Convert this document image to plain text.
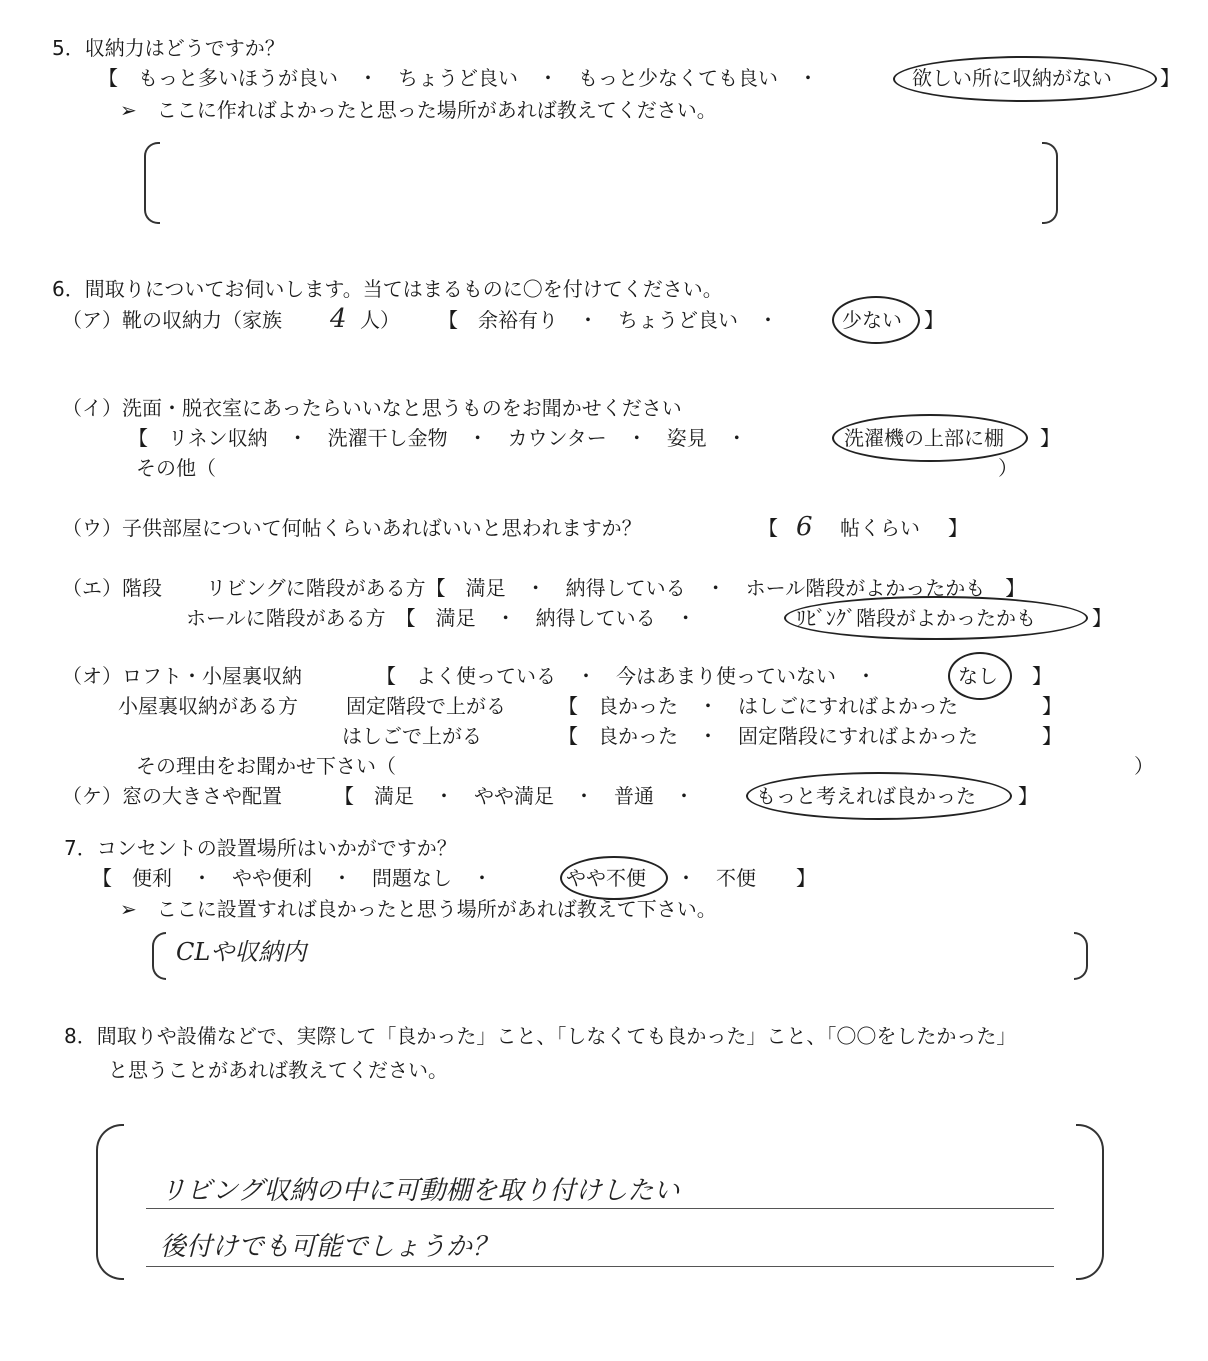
5．収納力はどうですか？
【　もっと多いほうが良い　・　ちょうど良い　・　もっと少なくても良い　・	欲しい所に収納がない 】
➢　ここに作ればよかったと思った場所があれば教えてください。
6．間取りについてお伺いします。当てはまるものに〇を付けてください。
（ア）靴の収納力（家族 4 人） 【　余裕有り　・　ちょうど良い　・	少ない 】
（イ）洗面・脱衣室にあったらいいなと思うものをお聞かせください
【　リネン収納　・　洗濯干し金物　・　カウンター　・　姿見　・	洗濯機の上部に棚 】
その他（	）
（ウ）子供部屋について何帖くらいあればいいと思われますか？	【 6 帖くらい 】
（エ）階段 リビングに階段がある方【　満足　・　納得している　・　ホール階段がよかったかも　】
ホールに階段がある方　【　満足　・　納得している　・	ﾘﾋﾞﾝｸﾞ階段がよかったかも	】
（オ）ロフト・小屋裏収納	【　よく使っている　・　今はあまり使っていない　・	なし 】
小屋裏収納がある方 固定階段で上がる	【　良かった　・　はしごにすればよかった	】
はしごで上がる	【　良かった　・　固定階段にすればよかった	】
その理由をお聞かせ下さい（	）
（ケ）窓の大きさや配置	【　満足　・　やや満足　・　普通　・	もっと考えれば良かった 】
7．コンセントの設置場所はいかがですか？
【　便利　・　やや便利　・　問題なし　・	やや不便 ・　不便　　】
➢　ここに設置すれば良かったと思う場所があれば教えて下さい。
CLや収納内
8．間取りや設備などで、実際して「良かった」こと、「しなくても良かった」こと、「〇〇をしたかった」
と思うことがあれば教えてください。
リビング収納の中に可動棚を取り付けしたい
後付けでも可能でしょうか？
